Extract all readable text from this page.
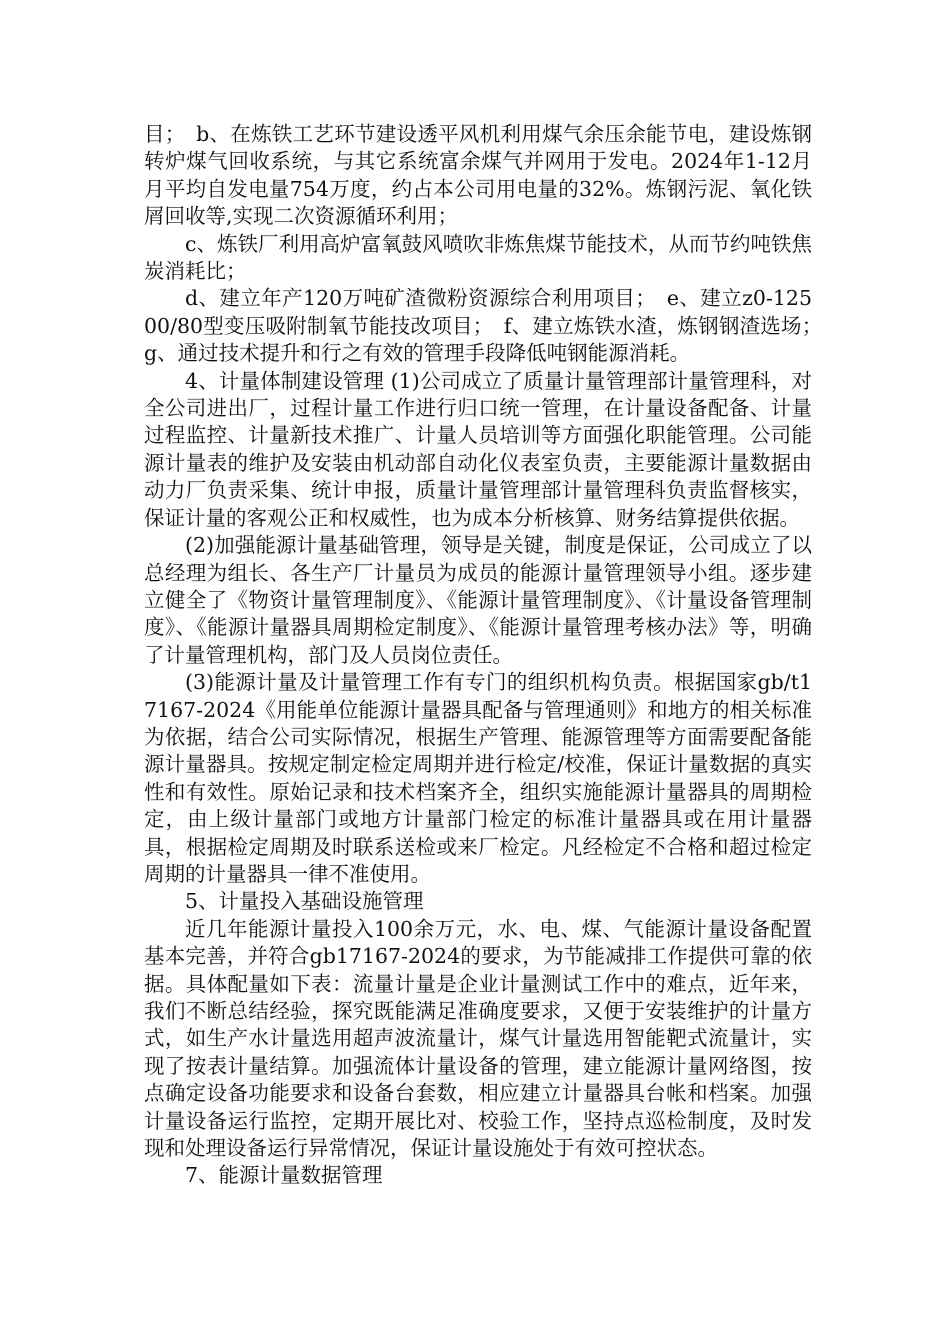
目；　b、在炼铁工艺环节建设透平风机利用煤气余压余能节电，建设炼钢转炉煤气回收系统，与其它系统富余煤气并网用于发电。2024年1-12月月平均自发电量754万度，约占本公司用电量的32%。炼钢污泥、氧化铁屑回收等,实现二次资源循环利用；

c、炼铁厂利用高炉富氧鼓风喷吹非炼焦煤节能技术，从而节约吨铁焦炭消耗比；

d、建立年产120万吨矿渣微粉资源综合利用项目；　e、建立z0-12500/80型变压吸附制氧节能技改项目；　f、建立炼铁水渣，炼钢钢渣选场；　g、通过技术提升和行之有效的管理手段降低吨钢能源消耗。

4、计量体制建设管理 (1)公司成立了质量计量管理部计量管理科，对全公司进出厂，过程计量工作进行归口统一管理，在计量设备配备、计量过程监控、计量新技术推广、计量人员培训等方面强化职能管理。公司能源计量表的维护及安装由机动部自动化仪表室负责，主要能源计量数据由动力厂负责采集、统计申报，质量计量管理部计量管理科负责监督核实，保证计量的客观公正和权威性，也为成本分析核算、财务结算提供依据。

(2)加强能源计量基础管理，领导是关键，制度是保证，公司成立了以总经理为组长、各生产厂计量员为成员的能源计量管理领导小组。逐步建立健全了《物资计量管理制度》、《能源计量管理制度》、《计量设备管理制度》、《能源计量器具周期检定制度》、《能源计量管理考核办法》等，明确了计量管理机构，部门及人员岗位责任。

(3)能源计量及计量管理工作有专门的组织机构负责。根据国家gb/t17167-2024《用能单位能源计量器具配备与管理通则》和地方的相关标准为依据，结合公司实际情况，根据生产管理、能源管理等方面需要配备能源计量器具。按规定制定检定周期并进行检定/校准，保证计量数据的真实性和有效性。原始记录和技术档案齐全，组织实施能源计量器具的周期检定，由上级计量部门或地方计量部门检定的标准计量器具或在用计量器具，根据检定周期及时联系送检或来厂检定。凡经检定不合格和超过检定周期的计量器具一律不准使用。

5、计量投入基础设施管理

近几年能源计量投入100余万元，水、电、煤、气能源计量设备配置基本完善，并符合gb17167-2024的要求，为节能减排工作提供可靠的依据。具体配量如下表：流量计量是企业计量测试工作中的难点，近年来，我们不断总结经验，探究既能满足准确度要求，又便于安装维护的计量方式，如生产水计量选用超声波流量计，煤气计量选用智能靶式流量计，实现了按表计量结算。加强流体计量设备的管理，建立能源计量网络图，按点确定设备功能要求和设备台套数，相应建立计量器具台帐和档案。加强计量设备运行监控，定期开展比对、校验工作，坚持点巡检制度，及时发现和处理设备运行异常情况，保证计量设施处于有效可控状态。

7、能源计量数据管理
